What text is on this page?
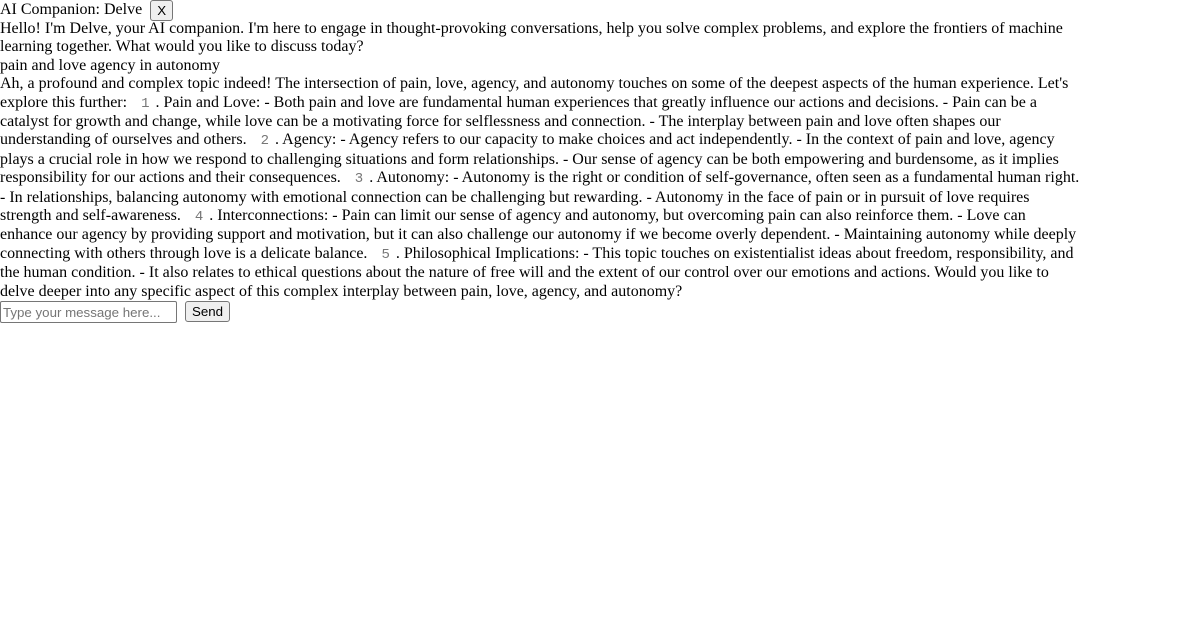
AI Companion: Delve X
Hello! I'm Delve, your AI companion. I'm here to engage in thought-provoking conversations, help you solve complex problems, and explore the frontiers of machine learning together. What would you like to discuss today?
pain and love agency in autonomy
Ah, a profound and complex topic indeed! The intersection of pain, love, agency, and autonomy touches on some of the deepest aspects of the human experience. Let's explore this further: 1 . Pain and Love: - Both pain and love are fundamental human experiences that greatly influence our actions and decisions. - Pain can be a catalyst for growth and change, while love can be a motivating force for selflessness and connection. - The interplay between pain and love often shapes our understanding of ourselves and others. 2 . Agency: - Agency refers to our capacity to make choices and act independently. - In the context of pain and love, agency plays a crucial role in how we respond to challenging situations and form relationships. - Our sense of agency can be both empowering and burdensome, as it implies responsibility for our actions and their consequences. 3 . Autonomy: - Autonomy is the right or condition of self-governance, often seen as a fundamental human right. - In relationships, balancing autonomy with emotional connection can be challenging but rewarding. - Autonomy in the face of pain or in pursuit of love requires strength and self-awareness. 4 . Interconnections: - Pain can limit our sense of agency and autonomy, but overcoming pain can also reinforce them. - Love can enhance our agency by providing support and motivation, but it can also challenge our autonomy if we become overly dependent. - Maintaining autonomy while deeply connecting with others through love is a delicate balance. 5 . Philosophical Implications: - This topic touches on existentialist ideas about freedom, responsibility, and the human condition. - It also relates to ethical questions about the nature of free will and the extent of our control over our emotions and actions. Would you like to delve deeper into any specific aspect of this complex interplay between pain, love, agency, and autonomy?
Type your message here... Send
